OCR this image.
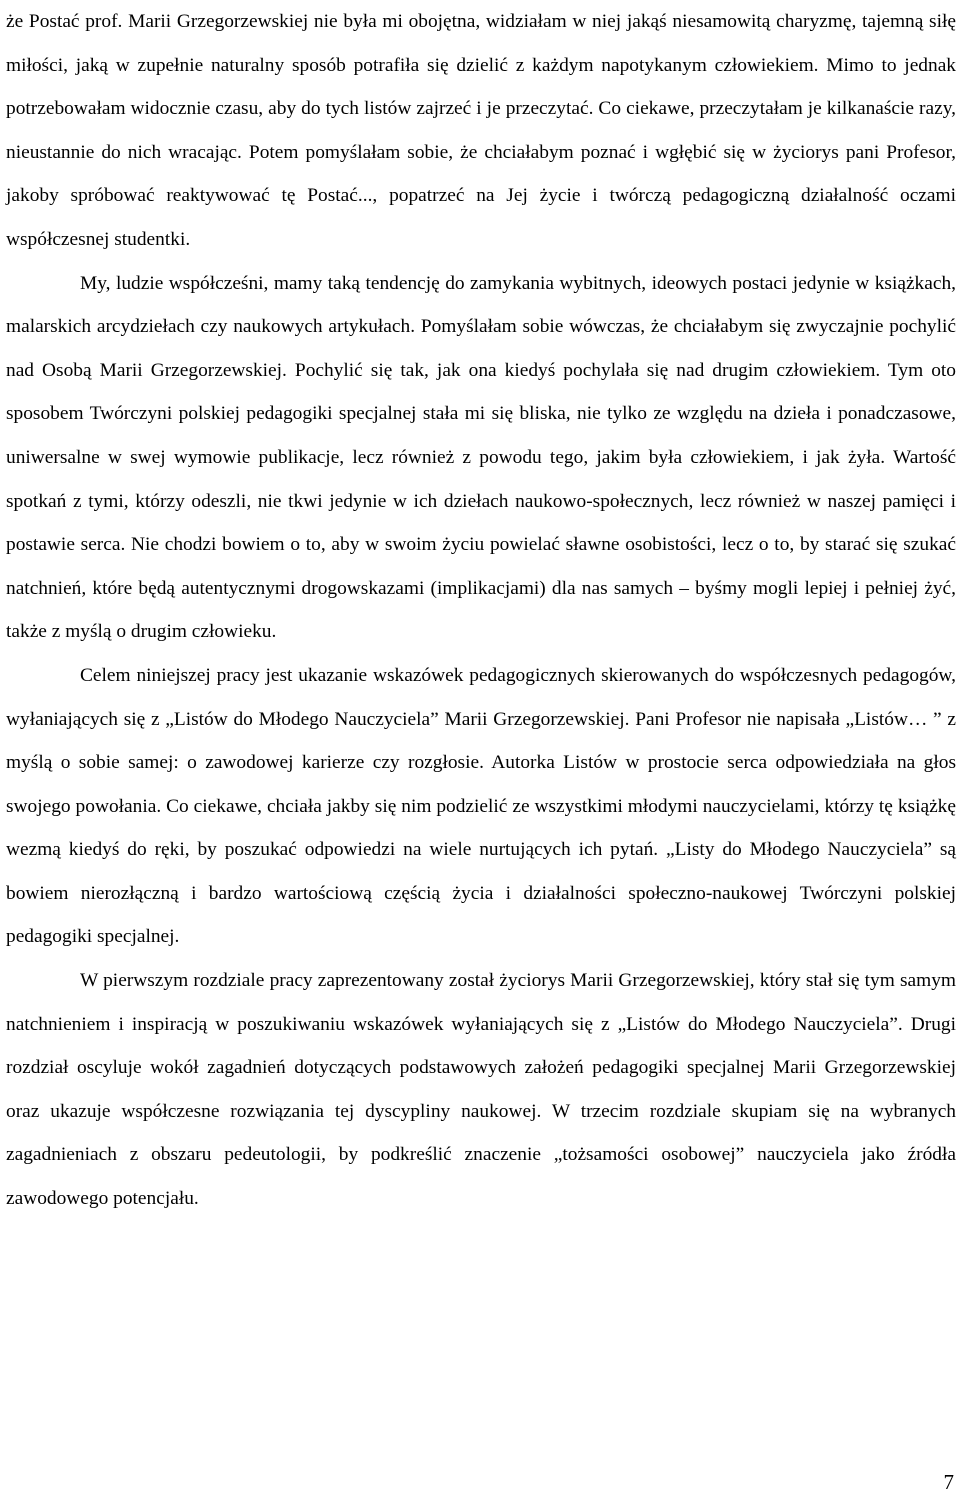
że Postać prof. Marii Grzegorzewskiej nie była mi obojętna, widziałam w niej jakąś niesamowitą charyzmę, tajemną siłę miłości, jaką w zupełnie naturalny sposób potrafiła się dzielić z każdym napotykanym człowiekiem. Mimo to jednak potrzebowałam widocznie czasu, aby do tych listów zajrzeć i je przeczytać. Co ciekawe, przeczytałam je kilkanaście razy, nieustannie do nich wracając. Potem pomyślałam sobie, że chciałabym poznać i wgłębić się w życiorys pani Profesor, jakoby spróbować reaktywować tę Postać..., popatrzeć na Jej życie i twórczą pedagogiczną działalność oczami współczesnej studentki.

My, ludzie współcześni, mamy taką tendencję do zamykania wybitnych, ideowych postaci jedynie w książkach, malarskich arcydziełach czy naukowych artykułach. Pomyślałam sobie wówczas, że chciałabym się zwyczajnie pochylić nad Osobą Marii Grzegorzewskiej. Pochylić się tak, jak ona kiedyś pochylała się nad drugim człowiekiem. Tym oto sposobem Twórczyni polskiej pedagogiki specjalnej stała mi się bliska, nie tylko ze względu na dzieła i ponadczasowe, uniwersalne w swej wymowie publikacje, lecz również z powodu tego, jakim była człowiekiem, i jak żyła. Wartość spotkań z tymi, którzy odeszli, nie tkwi jedynie w ich dziełach naukowo-społecznych, lecz również w naszej pamięci i postawie serca. Nie chodzi bowiem o to, aby w swoim życiu powielać sławne osobistości, lecz o to, by starać się szukać natchnień, które będą autentycznymi drogowskazami (implikacjami) dla nas samych – byśmy mogli lepiej i pełniej żyć, także z myślą o drugim człowieku.

Celem niniejszej pracy jest ukazanie wskazówek pedagogicznych skierowanych do współczesnych pedagogów, wyłaniających się z „Listów do Młodego Nauczyciela” Marii Grzegorzewskiej. Pani Profesor nie napisała „Listów… ” z myślą o sobie samej: o zawodowej karierze czy rozgłosie. Autorka Listów w prostocie serca odpowiedziała na głos swojego powołania. Co ciekawe, chciała jakby się nim podzielić ze wszystkimi młodymi nauczycielami, którzy tę książkę wezmą kiedyś do ręki, by poszukać odpowiedzi na wiele nurtujących ich pytań. „Listy do Młodego Nauczyciela” są bowiem nierozłączną i bardzo wartościową częścią życia i działalności społeczno-naukowej Twórczyni polskiej pedagogiki specjalnej.

W pierwszym rozdziale pracy zaprezentowany został życiorys Marii Grzegorzewskiej, który stał się tym samym natchnieniem i inspiracją w poszukiwaniu wskazówek wyłaniających się z „Listów do Młodego Nauczyciela”. Drugi rozdział oscyluje wokół zagadnień dotyczących podstawowych założeń pedagogiki specjalnej Marii Grzegorzewskiej oraz ukazuje współczesne rozwiązania tej dyscypliny naukowej. W trzecim rozdziale skupiam się na wybranych zagadnieniach z obszaru pedeutologii, by podkreślić znaczenie „tożsamości osobowej” nauczyciela jako źródła zawodowego potencjału.

7
